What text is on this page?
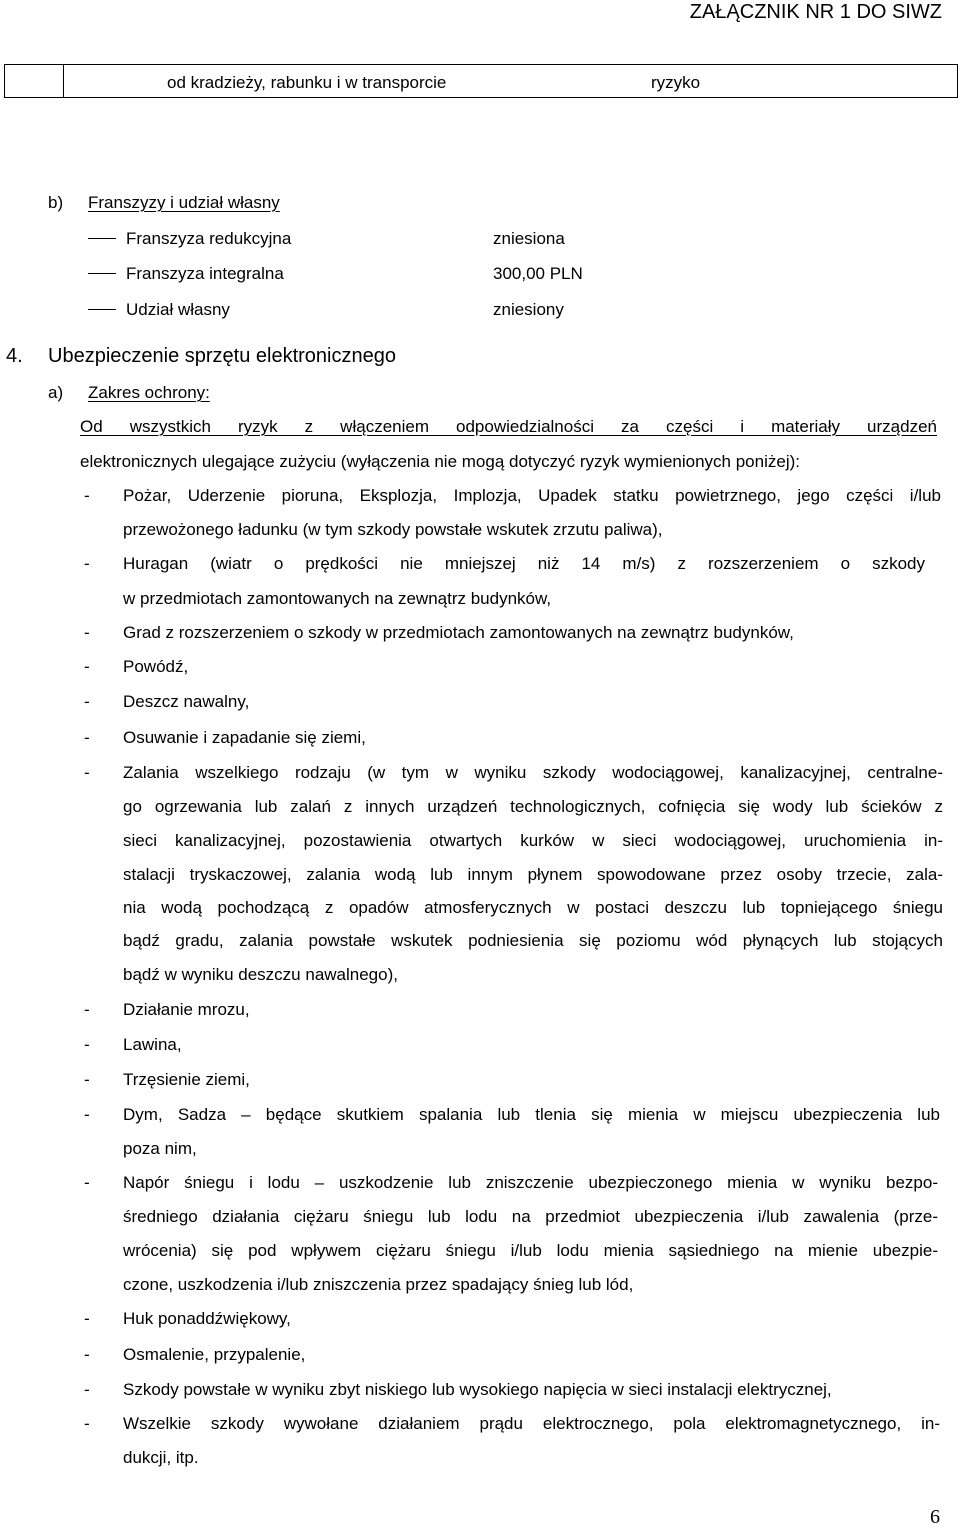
ZAŁĄCZNIK NR 1 DO SIWZ
od kradzieży, rabunku i w transporcie	ryzyko
b) Franszyzy i udział własny
Franszyza redukcyjna	zniesiona
Franszyza integralna	300,00 PLN
Udział własny	zniesiony
4. Ubezpieczenie sprzętu elektronicznego
a) Zakres ochrony:
Od wszystkich ryzyk z włączeniem odpowiedzialności za części i materiały urządzeń
elektronicznych ulegające zużyciu (wyłączenia nie mogą dotyczyć ryzyk wymienionych poniżej):
- Pożar, Uderzenie pioruna, Eksplozja, Implozja, Upadek statku powietrznego, jego części i/lub
przewożonego ładunku (w tym szkody powstałe wskutek zrzutu paliwa),
- Huragan (wiatr o prędkości nie mniejszej niż 14 m/s) z rozszerzeniem o szkody
w przedmiotach zamontowanych na zewnątrz budynków,
- Grad z rozszerzeniem o szkody w przedmiotach zamontowanych na zewnątrz budynków,
- Powódź,
- Deszcz nawalny,
- Osuwanie i zapadanie się ziemi,
- Zalania wszelkiego rodzaju (w tym w wyniku szkody wodociągowej, kanalizacyjnej, centralne-
go ogrzewania lub zalań z innych urządzeń technologicznych, cofnięcia się wody lub ścieków z
sieci kanalizacyjnej, pozostawienia otwartych kurków w sieci wodociągowej, uruchomienia in-
stalacji tryskaczowej, zalania wodą lub innym płynem spowodowane przez osoby trzecie, zala-
nia wodą pochodzącą z opadów atmosferycznych w postaci deszczu lub topniejącego śniegu
bądź gradu, zalania powstałe wskutek podniesienia się poziomu wód płynących lub stojących
bądź w wyniku deszczu nawalnego),
- Działanie mrozu,
- Lawina,
- Trzęsienie ziemi,
- Dym, Sadza – będące skutkiem spalania lub tlenia się mienia w miejscu ubezpieczenia lub
poza nim,
- Napór śniegu i lodu – uszkodzenie lub zniszczenie ubezpieczonego mienia w wyniku bezpo-
średniego działania ciężaru śniegu lub lodu na przedmiot ubezpieczenia i/lub zawalenia (prze-
wrócenia) się pod wpływem ciężaru śniegu i/lub lodu mienia sąsiedniego na mienie ubezpie-
czone, uszkodzenia i/lub zniszczenia przez spadający śnieg lub lód,
- Huk ponaddźwiękowy,
- Osmalenie, przypalenie,
- Szkody powstałe w wyniku zbyt niskiego lub wysokiego napięcia w sieci instalacji elektrycznej,
- Wszelkie szkody wywołane działaniem prądu elektrocznego, pola elektromagnetycznego, in-
dukcji, itp.
6
